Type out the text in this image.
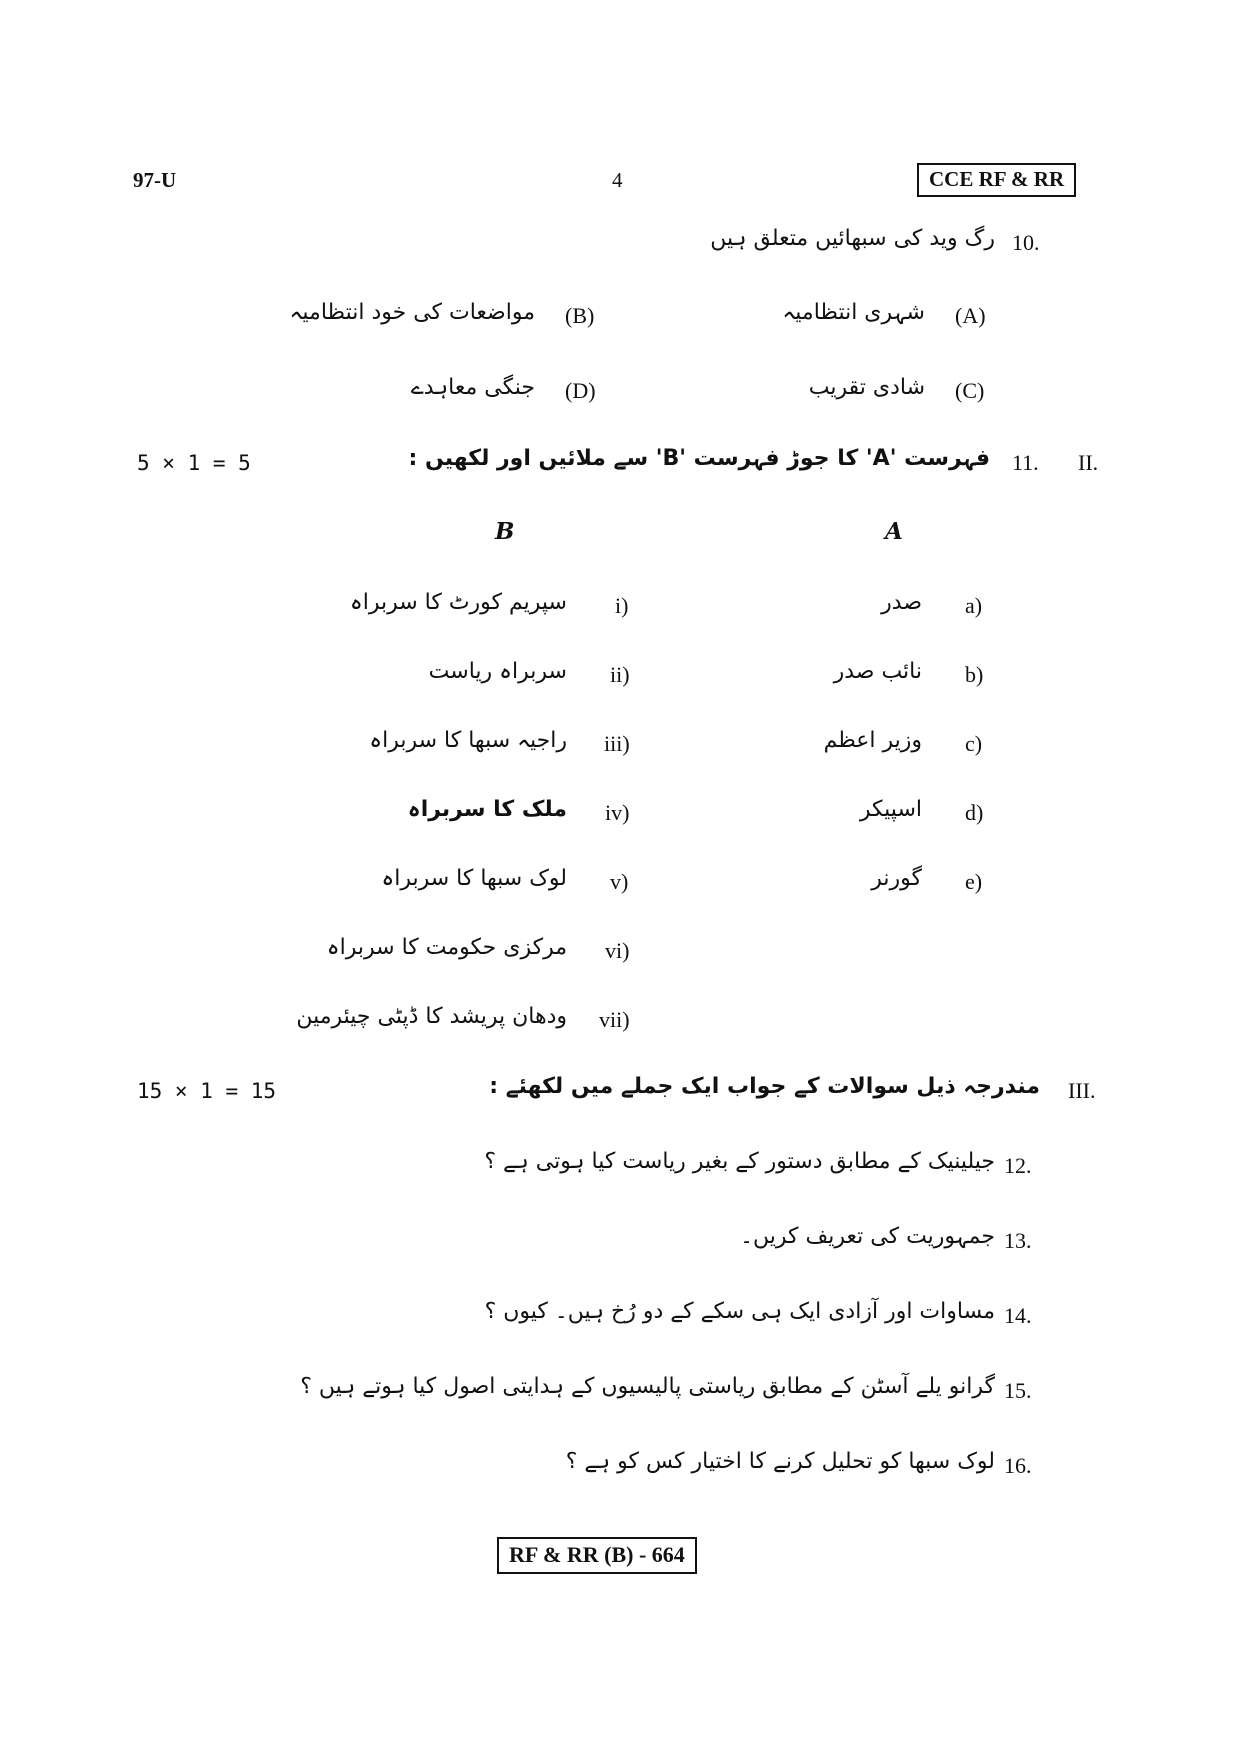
97-U	4	CCE RF & RR
10.
رگ وید کی سبھائیں متعلق ہیں
(A)
شہری انتظامیہ
(B)
مواضعات کی خود انتظامیہ
(C)
شادی تقریب
(D)
جنگی معاہدے
II.
11.
فہرست 'A' کا جوڑ فہرست 'B' سے ملائیں اور لکھیں :
5 × 1 = 5
A
B
a)
صدر
b)
نائب صدر
c)
وزیر اعظم
d)
اسپیکر
e)
گورنر
i)
سپریم کورٹ کا سربراہ
ii)
سربراہ ریاست
iii)
راجیہ سبھا کا سربراہ
iv)
ملک کا سربراہ
v)
لوک سبھا کا سربراہ
vi)
مرکزی حکومت کا سربراہ
vii)
ودھان پریشد کا ڈپٹی چیئرمین
III.
مندرجہ ذیل سوالات کے جواب ایک جملے میں لکھئے :
15 × 1 = 15
12.
جیلینیک کے مطابق دستور کے بغیر ریاست کیا ہوتی ہے ؟
13.
جمہوریت کی تعریف کریں۔
14.
مساوات اور آزادی ایک ہی سکے کے دو رُخ ہیں۔ کیوں ؟
15.
گرانو یلے آسٹن کے مطابق ریاستی پالیسیوں کے ہدایتی اصول کیا ہوتے ہیں ؟
16.
لوک سبھا کو تحلیل کرنے کا اختیار کس کو ہے ؟
RF & RR (B) - 664
